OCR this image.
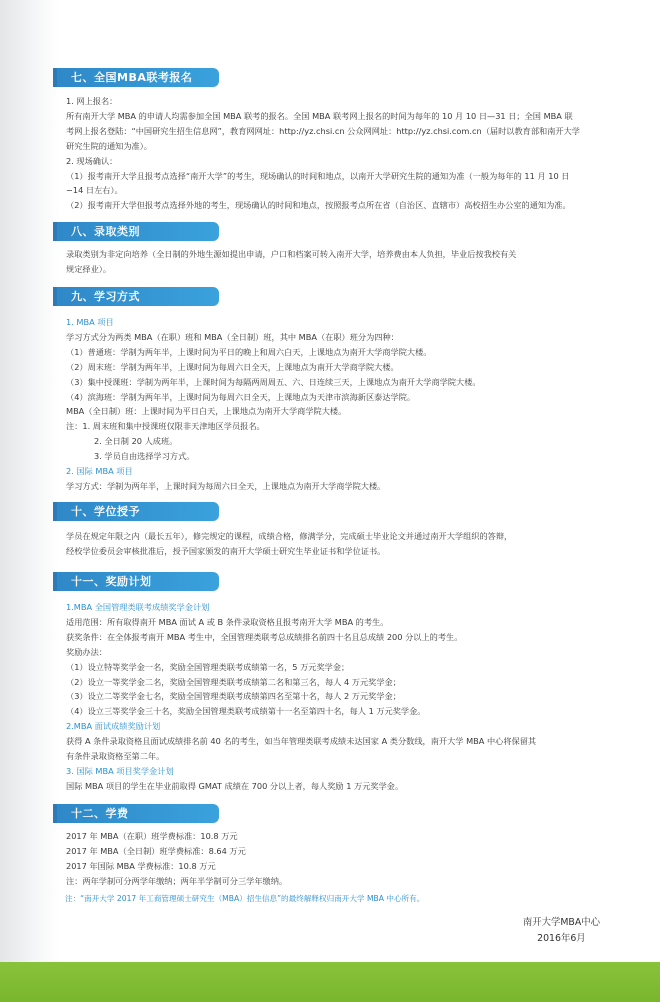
七、全国MBA联考报名
1. 网上报名：
所有南开大学 MBA 的申请人均需参加全国 MBA 联考的报名。全国 MBA 联考网上报名的时间为每年的 10 月 10 日—31 日；全国 MBA 联
考网上报名登陆：“中国研究生招生信息网”，教育网网址：http://yz.chsi.cn 公众网网址：http://yz.chsi.com.cn（届时以教育部和南开大学
研究生院的通知为准）。
2. 现场确认：
（1）报考南开大学且报考点选择“南开大学”的考生，现场确认的时间和地点，以南开大学研究生院的通知为准（一般为每年的 11 月 10 日
−14 日左右）。
（2）报考南开大学但报考点选择外地的考生，现场确认的时间和地点，按照报考点所在省（自治区、直辖市）高校招生办公室的通知为准。
八、录取类别
录取类别为非定向培养（全日制的外地生源如提出申请，户口和档案可转入南开大学，培养费由本人负担，毕业后按我校有关
规定择业）。
九、学习方式
1. MBA 项目
学习方式分为两类 MBA（在职）班和 MBA（全日制）班，其中 MBA（在职）班分为四种：
（1）普通班：学制为两年半，上课时间为平日的晚上和周六白天，上课地点为南开大学商学院大楼。
（2）周末班：学制为两年半，上课时间为每周六日全天，上课地点为南开大学商学院大楼。
（3）集中授课班：学制为两年半，上课时间为每隔两周周五、六、日连续三天，上课地点为南开大学商学院大楼。
（4）滨海班：学制为两年半，上课时间为每周六日全天，上课地点为天津市滨海新区泰达学院。
MBA（全日制）班：上课时间为平日白天，上课地点为南开大学商学院大楼。
注：1. 周末班和集中授课班仅限非天津地区学员报名。
2. 全日制 20 人成班。
3. 学员自由选择学习方式。
2. 国际 MBA 项目
学习方式：学制为两年半，上课时间为每周六日全天，上课地点为南开大学商学院大楼。
十、学位授予
学员在规定年限之内（最长五年），修完规定的课程，成绩合格，修满学分，完成硕士毕业论文并通过南开大学组织的答辩，
经校学位委员会审核批准后，授予国家颁发的南开大学硕士研究生毕业证书和学位证书。
十一、奖励计划
1.MBA 全国管理类联考成绩奖学金计划
适用范围：所有取得南开 MBA 面试 A 或 B 条件录取资格且报考南开大学 MBA 的考生。
获奖条件：在全体报考南开 MBA 考生中，全国管理类联考总成绩排名前四十名且总成绩 200 分以上的考生。
奖励办法：
（1）设立特等奖学金一名，奖励全国管理类联考成绩第一名，5 万元奖学金；
（2）设立一等奖学金二名，奖励全国管理类联考成绩第二名和第三名，每人 4 万元奖学金；
（3）设立二等奖学金七名，奖励全国管理类联考成绩第四名至第十名，每人 2 万元奖学金；
（4）设立三等奖学金三十名，奖励全国管理类联考成绩第十一名至第四十名，每人 1 万元奖学金。
2.MBA 面试成绩奖励计划
获得 A 条件录取资格且面试成绩排名前 40 名的考生，如当年管理类联考成绩未达国家 A 类分数线，南开大学 MBA 中心将保留其
有条件录取资格至第二年。
3. 国际 MBA 项目奖学金计划
国际 MBA 项目的学生在毕业前取得 GMAT 成绩在 700 分以上者，每人奖励 1 万元奖学金。
十二、学费
2017 年 MBA（在职）班学费标准：10.8 万元
2017 年 MBA（全日制）班学费标准：8.64 万元
2017 年国际 MBA 学费标准：10.8 万元
注：两年学制可分两学年缴纳；两年半学制可分三学年缴纳。
注：“南开大学 2017 年工商管理硕士研究生（MBA）招生信息”的最终解释权归南开大学 MBA 中心所有。
南开大学MBA中心
2016年6月
